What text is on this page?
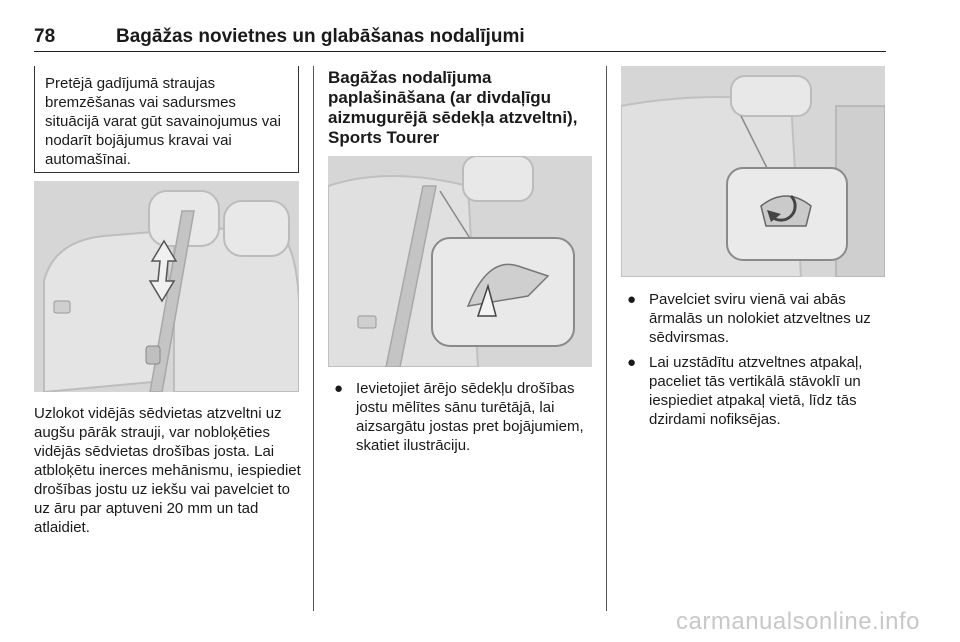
78	Bagāžas novietnes un glabāšanas nodalījumi
Pretējā gadījumā straujas bremzēšanas vai sadursmes situācijā varat gūt savainojumus vai nodarīt bojājumus kravai vai automašīnai.
Uzlokot vidējās sēdvietas atzveltni uz augšu pārāk strauji, var nobloķēties vidējās sēdvietas drošības josta. Lai atbloķētu inerces mehānismu, iespiediet drošības jostu uz iekšu vai pavelciet to uz āru par aptuveni 20 mm un tad atlaidiet.
Bagāžas nodalījuma paplašināšana (ar divdaļīgu aizmugurējā sēdekļa atzveltni), Sports Tourer
● Ievietojiet ārējo sēdekļu drošības jostu mēlītes sānu turētājā, lai aizsargātu jostas pret bojājumiem, skatiet ilustrāciju.
● Pavelciet sviru vienā vai abās ārmalās un nolokiet atzveltnes uz sēdvirsmas.
● Lai uzstādītu atzveltnes atpakaļ, paceliet tās vertikālā stāvoklī un iespiediet atpakaļ vietā, līdz tās dzirdami nofiksējas.
carmanualsonline.info
